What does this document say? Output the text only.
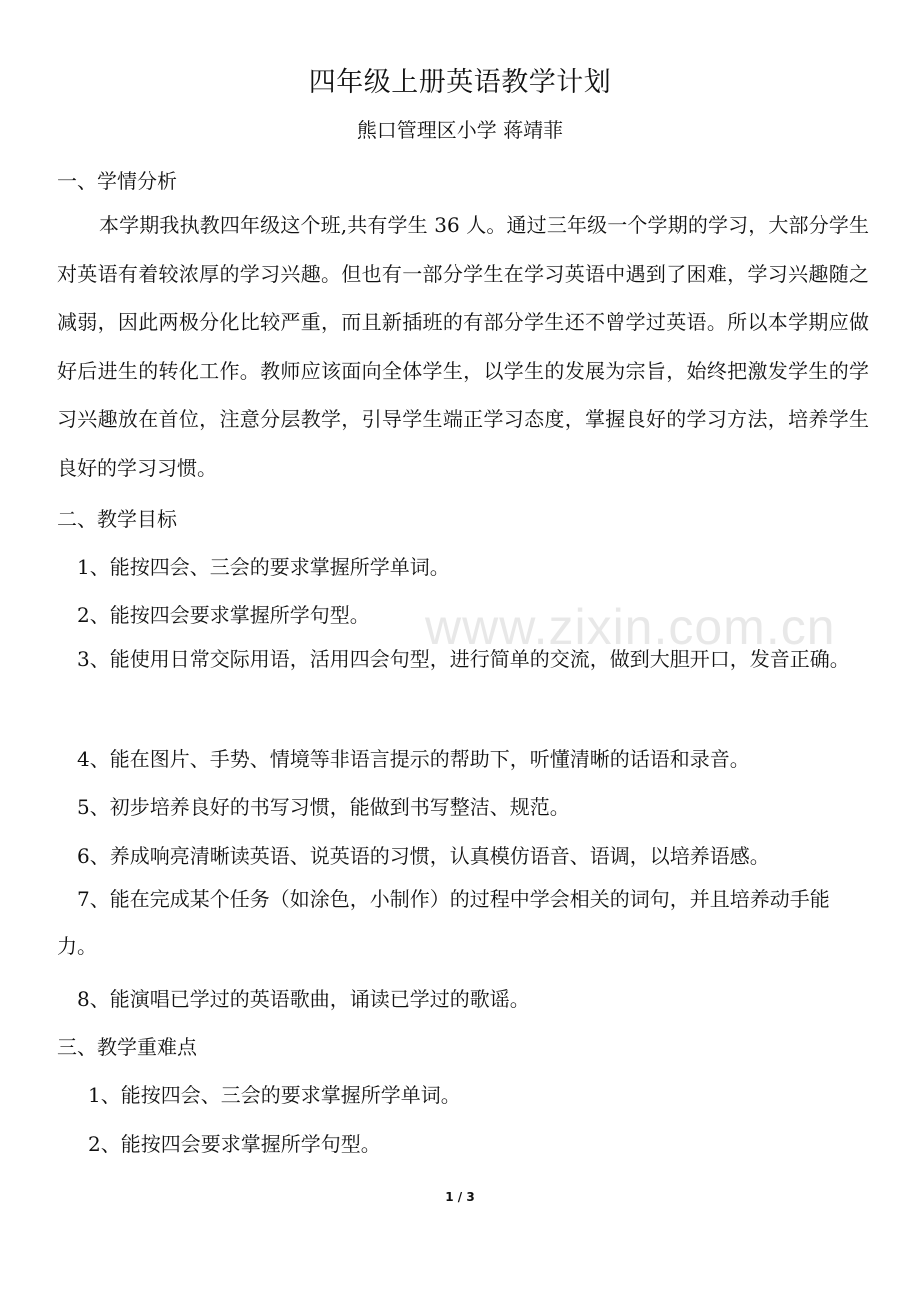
四年级上册英语教学计划
熊口管理区小学 蒋靖菲
一、学情分析
本学期我执教四年级这个班,共有学生 36 人。通过三年级一个学期的学习，大部分学生对英语有着较浓厚的学习兴趣。但也有一部分学生在学习英语中遇到了困难，学习兴趣随之减弱，因此两极分化比较严重，而且新插班的有部分学生还不曾学过英语。所以本学期应做好后进生的转化工作。教师应该面向全体学生，以学生的发展为宗旨，始终把激发学生的学习兴趣放在首位，注意分层教学，引导学生端正学习态度，掌握良好的学习方法，培养学生良好的学习习惯。
二、教学目标
1、能按四会、三会的要求掌握所学单词。
2、能按四会要求掌握所学句型。
3、能使用日常交际用语，活用四会句型，进行简单的交流，做到大胆开口，发音正确。
4、能在图片、手势、情境等非语言提示的帮助下，听懂清晰的话语和录音。
5、初步培养良好的书写习惯，能做到书写整洁、规范。
6、养成响亮清晰读英语、说英语的习惯，认真模仿语音、语调，以培养语感。
7、能在完成某个任务（如涂色，小制作）的过程中学会相关的词句，并且培养动手能力。
8、能演唱已学过的英语歌曲，诵读已学过的歌谣。
三、教学重难点
1、能按四会、三会的要求掌握所学单词。
2、能按四会要求掌握所学句型。
www.zixin.com.cn
1 / 3
